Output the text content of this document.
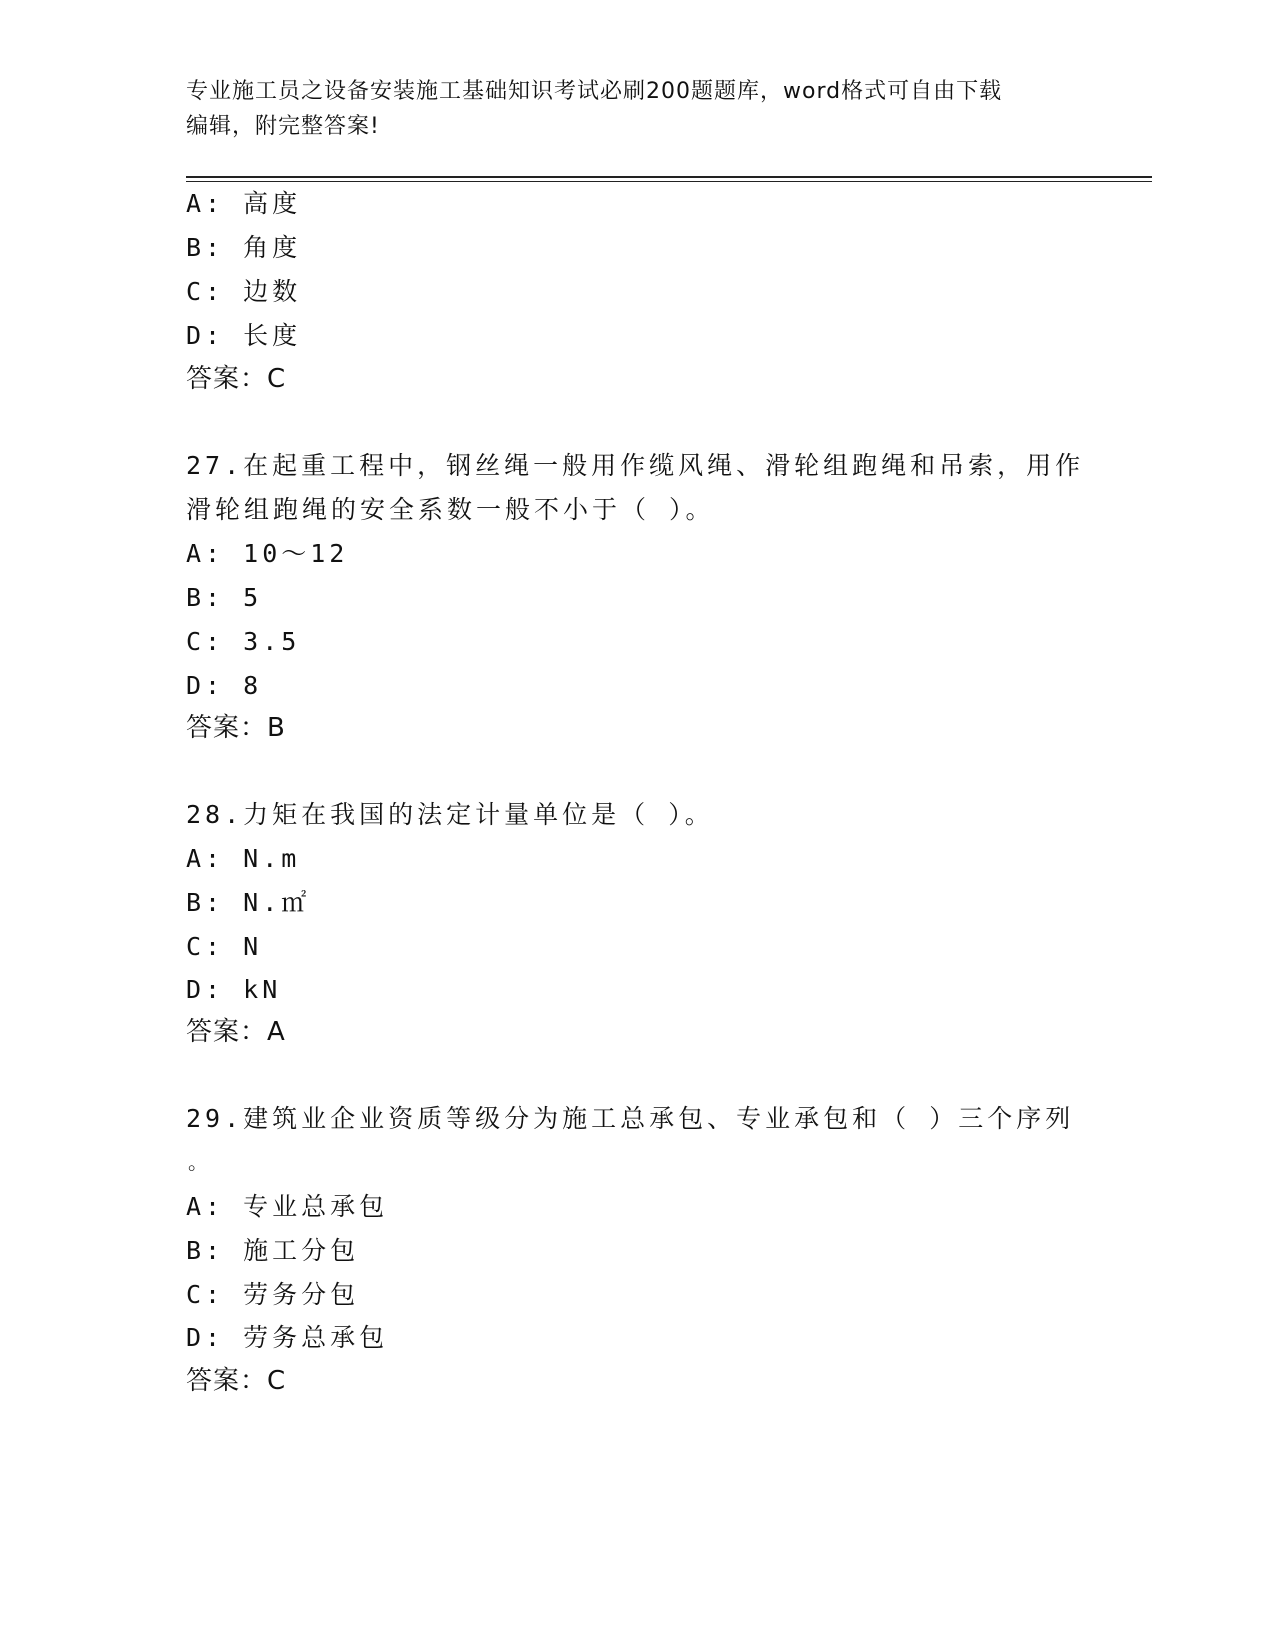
专业施工员之设备安装施工基础知识考试必刷200题题库，word格式可自由下载
编辑，附完整答案!
A: 高度
B: 角度
C: 边数
D: 长度
答案：C
27.在起重工程中，钢丝绳一般用作缆风绳、滑轮组跑绳和吊索，用作
滑轮组跑绳的安全系数一般不小于（ ）。
A: 10～12
B: 5
C: 3.5
D: 8
答案：B
28.力矩在我国的法定计量单位是（ ）。
A: N.m
B: N.㎡
C: N
D: kN
答案：A
29.建筑业企业资质等级分为施工总承包、专业承包和（ ）三个序列
。
A: 专业总承包
B: 施工分包
C: 劳务分包
D: 劳务总承包
答案：C
